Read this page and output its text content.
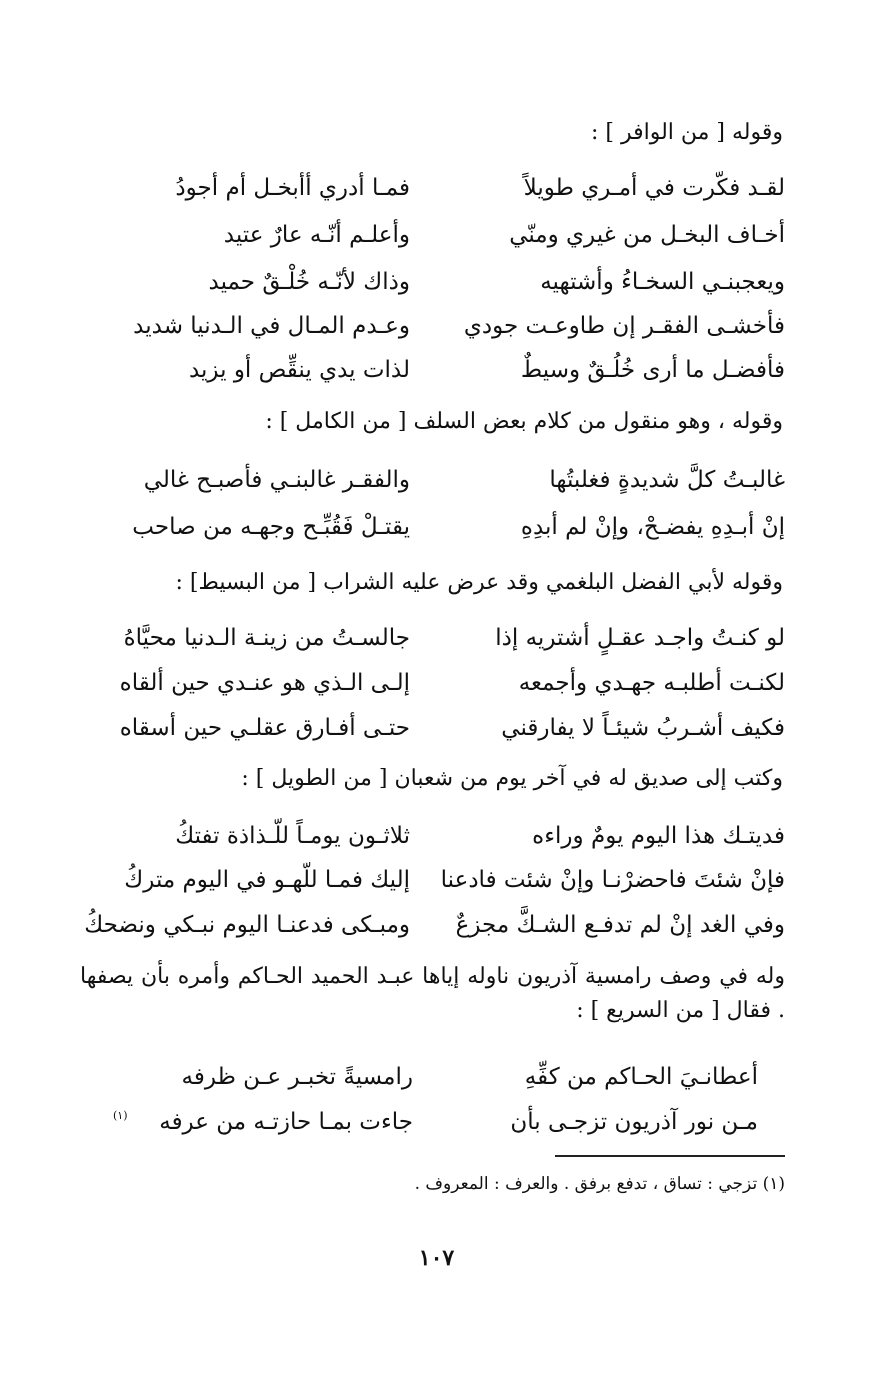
وقوله [ من الوافر ] :
لقـد فكّرت في أمـري طويلاً
فمـا أدري أأبخـل أم أجودُ
أخـاف البخـل من غيري ومنّي
وأعلـم أنّـه عارٌ عتيد
ويعجبنـي السخـاءُ وأشتهيه
وذاك لأنّـه خُلْـقٌ حميد
فأخشـى الفقـر إن طاوعـت جودي
وعـدم المـال في الـدنيا شديد
فأفضـل ما أرى خُلُـقٌ وسيطٌ
لذات يدي ينقِّص أو يزيد
وقوله ، وهو منقول من كلام بعض السلف [ من الكامل ] :
غالبـتُ كلَّ شديدةٍ فغلبتُها
والفقـر غالبنـي فأصبـح غالي
إنْ أبـدِهِ يفضـحْ، وإنْ لم أبدِهِ
يقتـلْ فَقُبِّـح وجهـه من صاحب
وقوله لأبي الفضل البلغمي وقد عرض عليه الشراب [ من البسيط] :
لو كنـتُ واجـد عقـلٍ أشتريه إذا
جالسـتُ من زينـة الـدنيا محيَّاهُ
لكنـت أطلبـه جهـدي وأجمعه
إلـى الـذي هو عنـدي حين ألقاه
فكيف أشـربُ شيئـاً لا يفارقني
حتـى أفـارق عقلـي حين أسقاه
وكتب إلى صديق له في آخر يوم من شعبان [ من الطويل ] :
فديتـك هذا اليوم يومٌ وراءه
ثلاثـون يومـاً للّـذاذة تفتكُ
فإنْ شئتَ فاحضرْنـا وإنْ شئت فادعنا
إليك فمـا للّهـو في اليوم متركُ
وفي الغد إنْ لم تدفـع الشـكَّ مجزعٌ
ومبـكى فدعنـا اليوم نبـكي ونضحكُ
وله في وصف رامسية آذريون ناوله إياها عبـد الحميد الحـاكم وأمره بأن يصفها . فقال [ من السريع ] :
أعطانـيَ الحـاكم من كفِّهِ
رامسيةً تخبـر عـن ظرفه
مـن نور آذريون تزجـى بأن
جاءت بمـا حازتـه من عرفه
(١)
(١) تزجي : تساق ، تدفع برفق . والعرف : المعروف .
١٠٧
